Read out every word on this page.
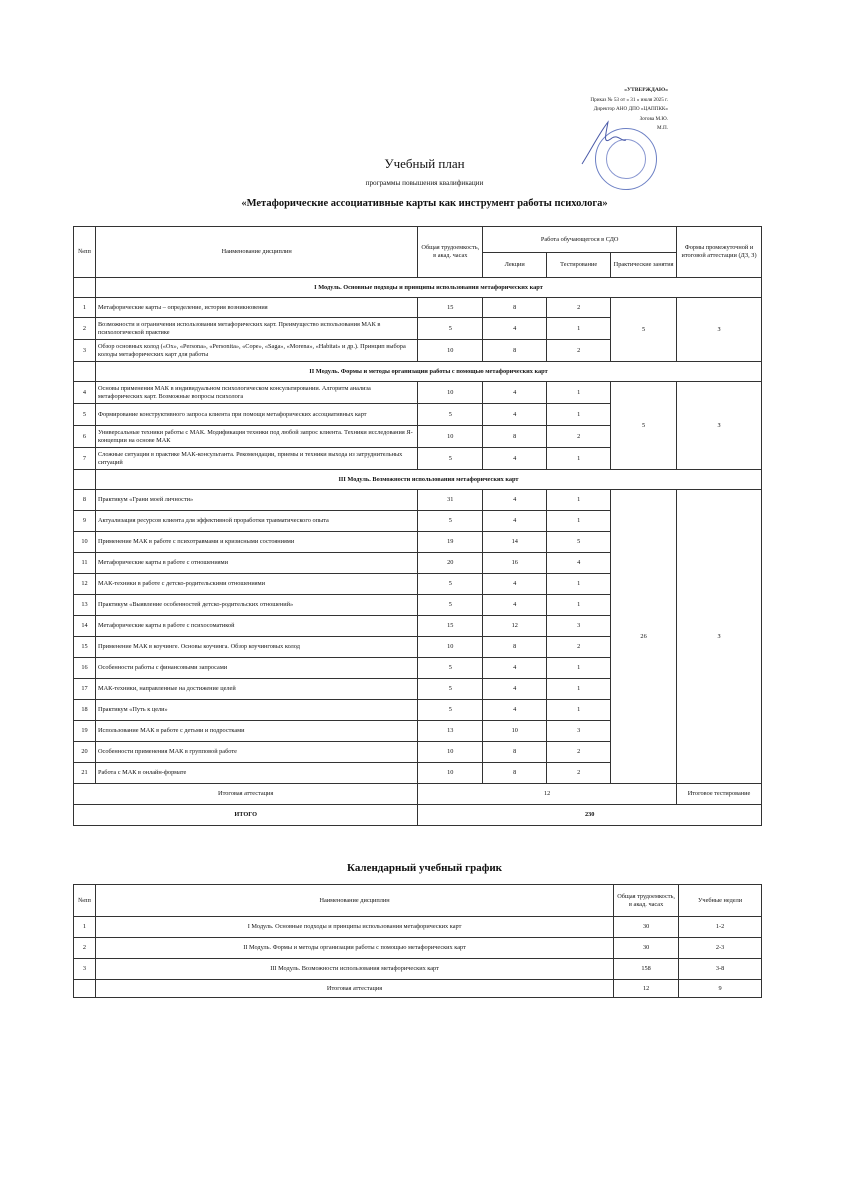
«УТВЕРЖДАЮ»
Приказ № 53 от « 31 » июля 2025 г.
Директор АНО ДПО «ЦАППКК»
Зотова М.Ю.
М.П.
Учебный план
программы повышения квалификации
«Метафорические ассоциативные карты как инструмент работы психолога»
№пп	Наименование дисциплин	Общая трудоемкость, в акад. часах	Работа обучающегося в СДО			Формы промежуточной и итоговой аттестации (ДЗ, З)
			Лекции	Тестирование	Практические занятия	
	I Модуль. Основные подходы и принципы использования метафорических карт					
1	Метафорические карты – определение, история возникновения	15	8	2	5	З
2	Возможности и ограничения использования метафорических карт. Преимущество использования МАК в психологической практике	5	4	1		
3	Обзор основных колод («Ох», «Persona», «Personita», «Cope», «Saga», «Morena», «Habitat» и др.). Принцип выбора колоды метафорических карт для работы	10	8	2		
	II Модуль. Формы и методы организации работы с помощью метафорических карт					
4	Основы применения МАК в индивидуальном психологическом консультировании. Алгоритм анализа метафорических карт. Возможные вопросы психолога	10	4	1	5	З
5	Формирование конструктивного запроса клиента при помощи метафорических ассоциативных карт	5	4	1		
6	Универсальные техники работы с МАК. Модификация техники под любой запрос клиента. Техники исследования Я-концепции на основе МАК	10	8	2		
7	Сложные ситуации в практике МАК-консультанта. Рекомендации, приемы и техники выхода из затруднительных ситуаций	5	4	1		
	III Модуль. Возможности использования метафорических карт					
8	Практикум «Грани моей личности»	31	4	1	26	З
9	Актуализация ресурсов клиента для эффективной проработки травматического опыта	5	4	1		
10	Применение МАК в работе с психотравмами и кризисными состояниями	19	14	5		
11	Метафорические карты в работе с отношениями	20	16	4		
12	МАК-техники в работе с детско-родительскими отношениями	5	4	1		
13	Практикум «Выявление особенностей детско-родительских отношений»	5	4	1		
14	Метафорические карты в работе с психосоматикой	15	12	3		
15	Применение МАК в коучинге. Основы коучинга. Обзор коучинговых колод	10	8	2		
16	Особенности работы с финансовыми запросами	5	4	1		
17	МАК-техники, направленные на достижение целей	5	4	1		
18	Практикум «Путь к цели»	5	4	1		
19	Использование МАК в работе с детьми и подростками	13	10	3		
20	Особенности применения МАК в групповой работе	10	8	2		
21	Работа с МАК в онлайн-формате	10	8	2		
Итоговая аттестация		12				Итоговое тестирование
ИТОГО		230				
Календарный учебный график
№пп	Наименование дисциплин	Общая трудоемкость, в акад. часах	Учебные недели
1	I Модуль. Основные подходы и принципы использования метафорических карт	30	1-2
2	II Модуль. Формы и методы организации работы с помощью метафорических карт	30	2-3
3	III Модуль. Возможности использования метафорических карт	158	3-8
	Итоговая аттестация	12	9
